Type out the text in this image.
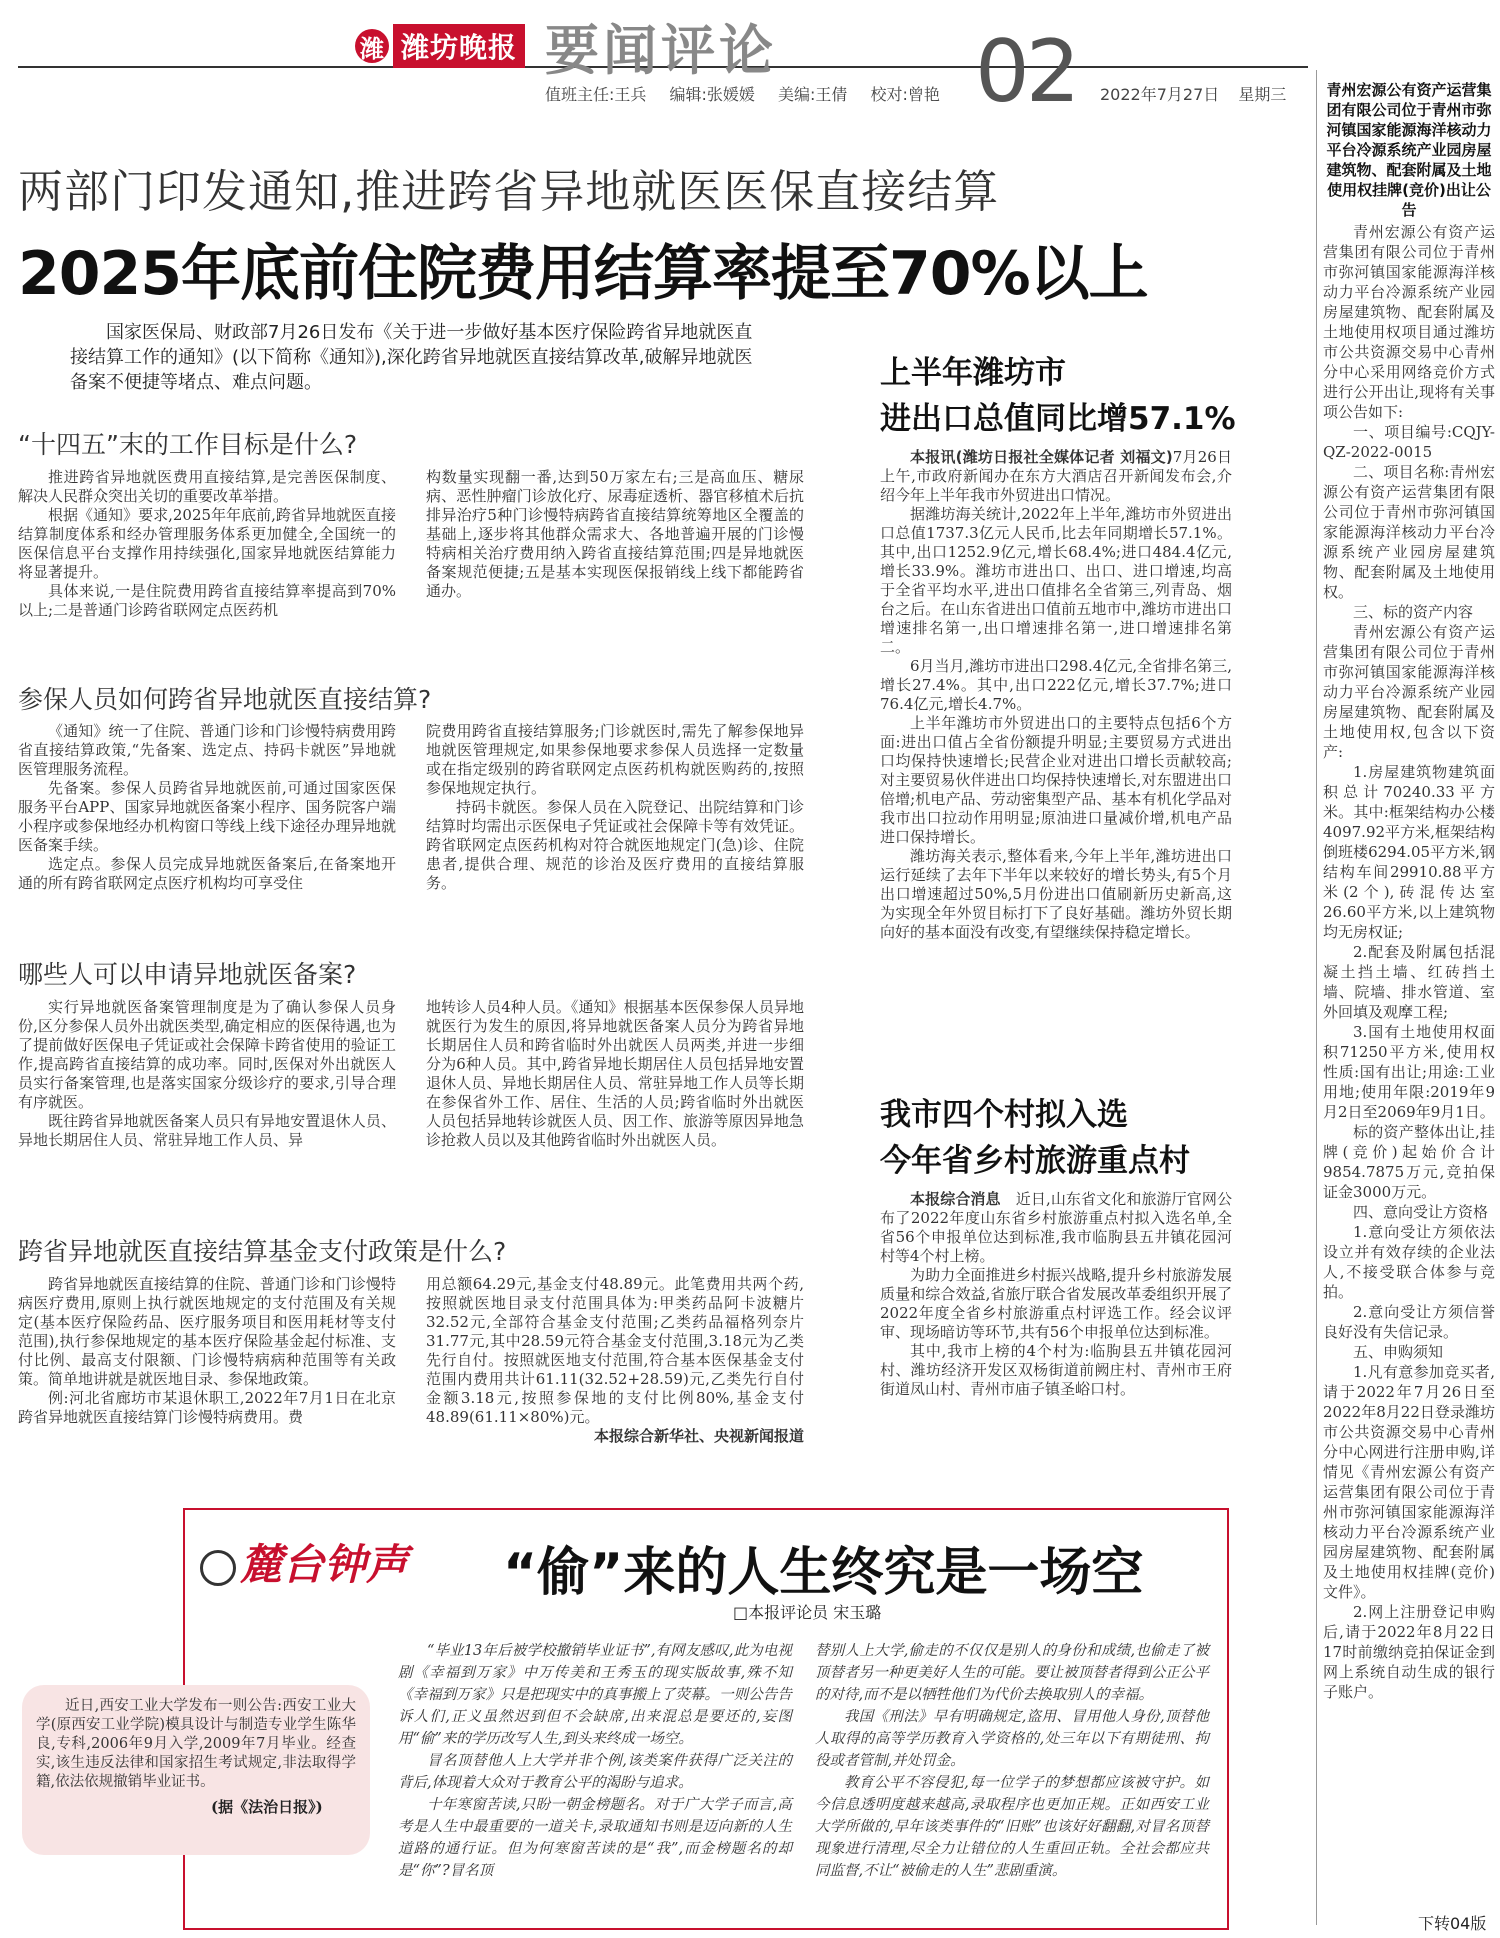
潍 潍坊晚报 要闻评论 02
值班主任:王兵 编辑:张媛媛 美编:王倩 校对:曾艳	2022年7月27日 星期三
两部门印发通知,推进跨省异地就医医保直接结算
2025年底前住院费用结算率提至70%以上
国家医保局、财政部7月26日发布《关于进一步做好基本医疗保险跨省异地就医直接结算工作的通知》(以下简称《通知》),深化跨省异地就医直接结算改革,破解异地就医备案不便捷等堵点、难点问题。
“十四五”末的工作目标是什么?

推进跨省异地就医费用直接结算,是完善医保制度、解决人民群众突出关切的重要改革举措。

根据《通知》要求,2025年年底前,跨省异地就医直接结算制度体系和经办管理服务体系更加健全,全国统一的医保信息平台支撑作用持续强化,国家异地就医结算能力将显著提升。

具体来说,一是住院费用跨省直接结算率提高到70%以上;二是普通门诊跨省联网定点医药机

构数量实现翻一番,达到50万家左右;三是高血压、糖尿病、恶性肿瘤门诊放化疗、尿毒症透析、器官移植术后抗排异治疗5种门诊慢特病跨省直接结算统筹地区全覆盖的基础上,逐步将其他群众需求大、各地普遍开展的门诊慢特病相关治疗费用纳入跨省直接结算范围;四是异地就医备案规范便捷;五是基本实现医保报销线上线下都能跨省通办。

参保人员如何跨省异地就医直接结算?

《通知》统一了住院、普通门诊和门诊慢特病费用跨省直接结算政策,“先备案、选定点、持码卡就医”异地就医管理服务流程。

先备案。参保人员跨省异地就医前,可通过国家医保服务平台APP、国家异地就医备案小程序、国务院客户端小程序或参保地经办机构窗口等线上线下途径办理异地就医备案手续。

选定点。参保人员完成异地就医备案后,在备案地开通的所有跨省联网定点医疗机构均可享受住

院费用跨省直接结算服务;门诊就医时,需先了解参保地异地就医管理规定,如果参保地要求参保人员选择一定数量或在指定级别的跨省联网定点医药机构就医购药的,按照参保地规定执行。

持码卡就医。参保人员在入院登记、出院结算和门诊结算时均需出示医保电子凭证或社会保障卡等有效凭证。跨省联网定点医药机构对符合就医地规定门(急)诊、住院患者,提供合理、规范的诊治及医疗费用的直接结算服务。

哪些人可以申请异地就医备案?

实行异地就医备案管理制度是为了确认参保人员身份,区分参保人员外出就医类型,确定相应的医保待遇,也为了提前做好医保电子凭证或社会保障卡跨省使用的验证工作,提高跨省直接结算的成功率。同时,医保对外出就医人员实行备案管理,也是落实国家分级诊疗的要求,引导合理有序就医。

既往跨省异地就医备案人员只有异地安置退休人员、异地长期居住人员、常驻异地工作人员、异

地转诊人员4种人员。《通知》根据基本医保参保人员异地就医行为发生的原因,将异地就医备案人员分为跨省异地长期居住人员和跨省临时外出就医人员两类,并进一步细分为6种人员。其中,跨省异地长期居住人员包括异地安置退休人员、异地长期居住人员、常驻异地工作人员等长期在参保省外工作、居住、生活的人员;跨省临时外出就医人员包括异地转诊就医人员、因工作、旅游等原因异地急诊抢救人员以及其他跨省临时外出就医人员。

跨省异地就医直接结算基金支付政策是什么?

跨省异地就医直接结算的住院、普通门诊和门诊慢特病医疗费用,原则上执行就医地规定的支付范围及有关规定(基本医疗保险药品、医疗服务项目和医用耗材等支付范围),执行参保地规定的基本医疗保险基金起付标准、支付比例、最高支付限额、门诊慢特病病种范围等有关政策。简单地讲就是就医地目录、参保地政策。

例:河北省廊坊市某退休职工,2022年7月1日在北京跨省异地就医直接结算门诊慢特病费用。费

用总额64.29元,基金支付48.89元。此笔费用共两个药,按照就医地目录支付范围具体为:甲类药品阿卡波糖片32.52元,全部符合基金支付范围;乙类药品福格列奈片31.77元,其中28.59元符合基金支付范围,3.18元为乙类先行自付。按照就医地支付范围,符合基本医保基金支付范围内费用共计61.11(32.52+28.59)元,乙类先行自付金额3.18元,按照参保地的支付比例80%,基金支付48.89(61.11×80%)元。

本报综合新华社、央视新闻报道

上半年潍坊市
进出口总值同比增57.1%

本报讯(潍坊日报社全媒体记者 刘福文)7月26日上午,市政府新闻办在东方大酒店召开新闻发布会,介绍今年上半年我市外贸进出口情况。

据潍坊海关统计,2022年上半年,潍坊市外贸进出口总值1737.3亿元人民币,比去年同期增长57.1%。其中,出口1252.9亿元,增长68.4%;进口484.4亿元,增长33.9%。潍坊市进出口、出口、进口增速,均高于全省平均水平,进出口值排名全省第三,列青岛、烟台之后。在山东省进出口值前五地市中,潍坊市进出口增速排名第一,出口增速排名第一,进口增速排名第二。

6月当月,潍坊市进出口298.4亿元,全省排名第三,增长27.4%。其中,出口222亿元,增长37.7%;进口76.4亿元,增长4.7%。

上半年潍坊市外贸进出口的主要特点包括6个方面:进出口值占全省份额提升明显;主要贸易方式进出口均保持快速增长;民营企业对进出口增长贡献较高;对主要贸易伙伴进出口均保持快速增长,对东盟进出口倍增;机电产品、劳动密集型产品、基本有机化学品对我市出口拉动作用明显;原油进口量减价增,机电产品进口保持增长。

潍坊海关表示,整体看来,今年上半年,潍坊进出口运行延续了去年下半年以来较好的增长势头,有5个月出口增速超过50%,5月份进出口值刷新历史新高,这为实现全年外贸目标打下了良好基础。潍坊外贸长期向好的基本面没有改变,有望继续保持稳定增长。

我市四个村拟入选
今年省乡村旅游重点村

本报综合消息　 近日,山东省文化和旅游厅官网公布了2022年度山东省乡村旅游重点村拟入选名单,全省56个申报单位达到标准,我市临朐县五井镇花园河村等4个村上榜。

为助力全面推进乡村振兴战略,提升乡村旅游发展质量和综合效益,省旅厅联合省发展改革委组织开展了2022年度全省乡村旅游重点村评选工作。经会议评审、现场暗访等环节,共有56个申报单位达到标准。

其中,我市上榜的4个村为:临朐县五井镇花园河村、潍坊经济开发区双杨街道前阙庄村、青州市王府街道凤山村、青州市庙子镇圣峪口村。

青州宏源公有资产运营集团有限公司位于青州市弥河镇国家能源海洋核动力平台冷源系统产业园房屋建筑物、配套附属及土地使用权挂牌(竞价)出让公告

青州宏源公有资产运营集团有限公司位于青州市弥河镇国家能源海洋核动力平台冷源系统产业园房屋建筑物、配套附属及土地使用权项目通过潍坊市公共资源交易中心青州分中心采用网络竞价方式进行公开出让,现将有关事项公告如下:

一、项目编号:CQJY-QZ-2022-0015

二、项目名称:青州宏源公有资产运营集团有限公司位于青州市弥河镇国家能源海洋核动力平台冷源系统产业园房屋建筑物、配套附属及土地使用权。

三、标的资产内容

青州宏源公有资产运营集团有限公司位于青州市弥河镇国家能源海洋核动力平台冷源系统产业园房屋建筑物、配套附属及土地使用权,包含以下资产:

1.房屋建筑物建筑面积总计70240.33平方米。其中:框架结构办公楼4097.92平方米,框架结构倒班楼6294.05平方米,钢结构车间29910.88平方米(2个),砖混传达室26.60平方米,以上建筑物均无房权证;

2.配套及附属包括混凝土挡土墙、红砖挡土墙、院墙、排水管道、室外回填及观摩工程;

3.国有土地使用权面积71250平方米,使用权性质:国有出让;用途:工业用地;使用年限:2019年9月2日至2069年9月1日。

标的资产整体出让,挂牌(竞价)起始价合计9854.7875万元,竞拍保证金3000万元。

四、意向受让方资格

1.意向受让方须依法设立并有效存续的企业法人,不接受联合体参与竞拍。

2.意向受让方须信誉良好没有失信记录。

五、申购须知

1.凡有意参加竞买者,请于2022年7月26日至2022年8月22日登录潍坊市公共资源交易中心青州分中心网进行注册申购,详情见《青州宏源公有资产运营集团有限公司位于青州市弥河镇国家能源海洋核动力平台冷源系统产业园房屋建筑物、配套附属及土地使用权挂牌(竞价)文件》。

2.网上注册登记申购后,请于2022年8月22日17时前缴纳竞拍保证金到网上系统自动生成的银行子账户。

下转04版
麓台钟声 “偷”来的人生终究是一场空
□本报评论员 宋玉璐
近日,西安工业大学发布一则公告:西安工业大学(原西安工业学院)模具设计与制造专业学生陈华良,专科,2006年9月入学,2009年7月毕业。经查实,该生违反法律和国家招生考试规定,非法取得学籍,依法依规撤销毕业证书。
(据《法治日报》)

“毕业13年后被学校撤销毕业证书”,有网友感叹,此为电视剧《幸福到万家》中万传美和王秀玉的现实版故事,殊不知《幸福到万家》只是把现实中的真事搬上了荧幕。一则公告告诉人们,正义虽然迟到但不会缺席,出来混总是要还的,妄图用“偷”来的学历改写人生,到头来终成一场空。

冒名顶替他人上大学并非个例,该类案件获得广泛关注的背后,体现着大众对于教育公平的渴盼与追求。

十年寒窗苦读,只盼一朝金榜题名。对于广大学子而言,高考是人生中最重要的一道关卡,录取通知书则是迈向新的人生道路的通行证。但为何寒窗苦读的是“我”,而金榜题名的却是“你”?冒名顶

替别人上大学,偷走的不仅仅是别人的身份和成绩,也偷走了被顶替者另一种更美好人生的可能。要让被顶替者得到公正公平的对待,而不是以牺牲他们为代价去换取别人的幸福。

我国《刑法》早有明确规定,盗用、冒用他人身份,顶替他人取得的高等学历教育入学资格的,处三年以下有期徒刑、拘役或者管制,并处罚金。

教育公平不容侵犯,每一位学子的梦想都应该被守护。如今信息透明度越来越高,录取程序也更加正规。正如西安工业大学所做的,早年该类事件的“旧账”也该好好翻翻,对冒名顶替现象进行清理,尽全力让错位的人生重回正轨。全社会都应共同监督,不让“被偷走的人生”悲剧重演。
